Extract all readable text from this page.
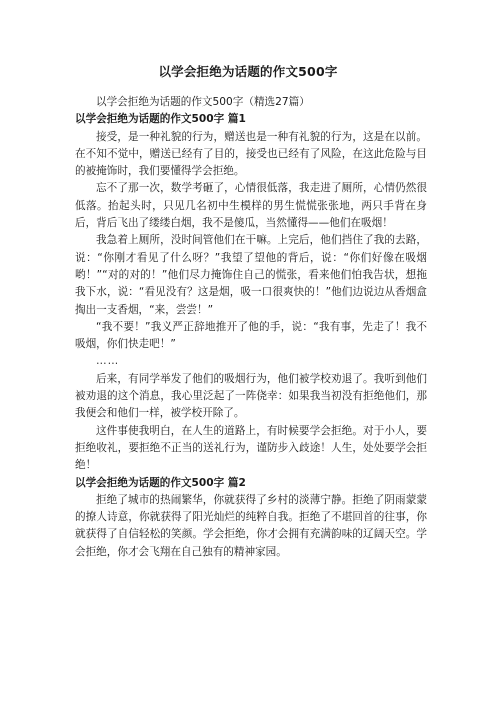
以学会拒绝为话题的作文500字

以学会拒绝为话题的作文500字（精选27篇）

以学会拒绝为话题的作文500字 篇1

接受，是一种礼貌的行为，赠送也是一种有礼貌的行为，这是在以前。在不知不觉中，赠送已经有了目的，接受也已经有了风险，在这此危险与目的被掩饰时，我们要懂得学会拒绝。

忘不了那一次，数学考砸了，心情很低落，我走进了厕所，心情仍然很低落。抬起头时，只见几名初中生模样的男生慌慌张张地，两只手背在身后，背后飞出了缕缕白烟，我不是傻瓜，当然懂得——他们在吸烟！

我急着上厕所，没时间管他们在干嘛。上完后，他们挡住了我的去路，说：“你刚才看见了什么呀？”我望了望他的背后，说：“你们好像在吸烟哟！”“对的对的！”他们尽力掩饰住自己的慌张，看来他们怕我告状，想拖我下水，说：“看见没有？这是烟，吸一口很爽快的！”他们边说边从香烟盒掏出一支香烟，“来，尝尝！”

“我不要！”我义严正辞地推开了他的手，说：“我有事，先走了！我不吸烟，你们快走吧！”

……

后来，有同学举发了他们的吸烟行为，他们被学校劝退了。我听到他们被劝退的这个消息，我心里泛起了一阵侥幸：如果我当初没有拒绝他们，那我便会和他们一样，被学校开除了。

这件事使我明白，在人生的道路上，有时候要学会拒绝。对于小人，要拒绝收礼，要拒绝不正当的送礼行为，谨防步入歧途！人生，处处要学会拒绝！

以学会拒绝为话题的作文500字 篇2

拒绝了城市的热闹繁华，你就获得了乡村的淡薄宁静。拒绝了阴雨蒙蒙的撩人诗意，你就获得了阳光灿烂的纯粹自我。拒绝了不堪回首的往事，你就获得了自信轻松的笑颜。学会拒绝，你才会拥有充满韵味的辽阔天空。学会拒绝，你才会飞翔在自己独有的精神家园。
